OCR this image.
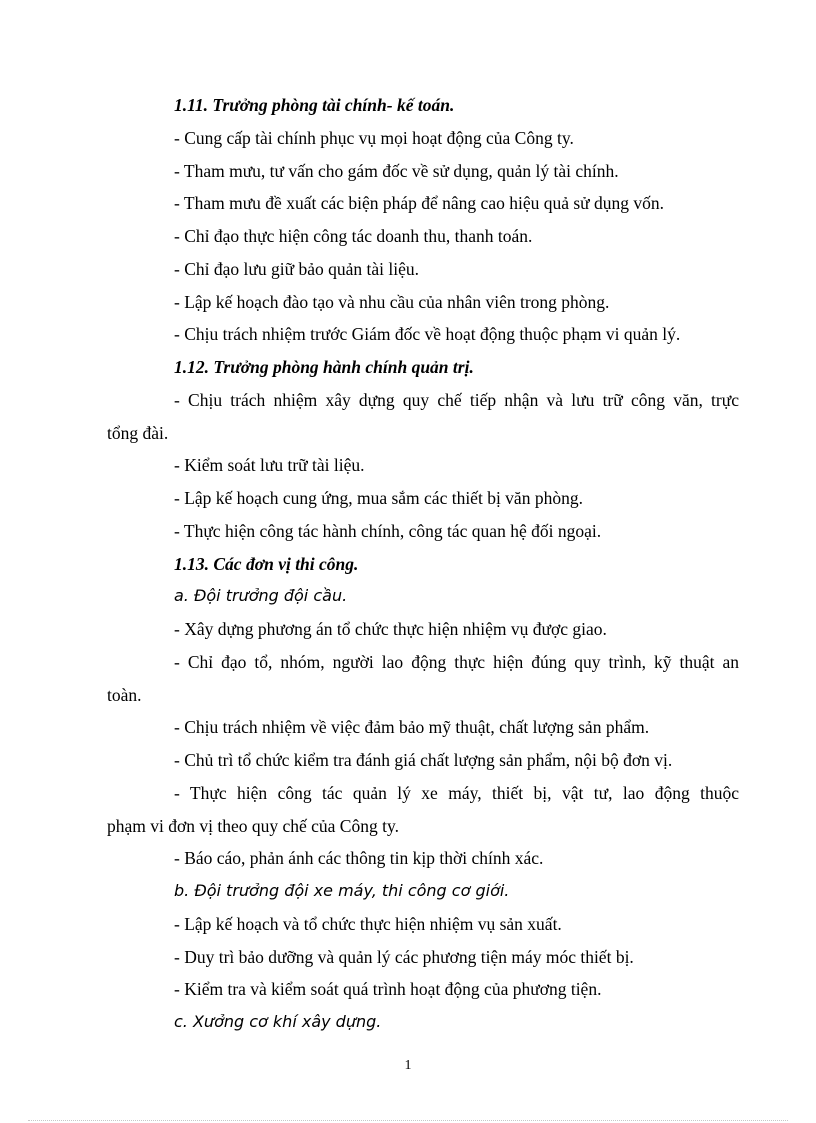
1.11. Trưởng phòng tài chính- kế toán.
- Cung cấp tài chính phục vụ mọi hoạt động của Công ty.
- Tham mưu, tư vấn cho gám đốc về sử dụng, quản lý tài chính.
- Tham mưu đề xuất các biện pháp để nâng cao hiệu quả sử dụng vốn.
- Chỉ đạo thực hiện công tác doanh thu, thanh toán.
- Chỉ đạo lưu giữ bảo quản tài liệu.
- Lập kế hoạch đào tạo và nhu cầu của nhân viên trong phòng.
- Chịu trách nhiệm trước Giám đốc về hoạt động thuộc phạm vi quản lý.
1.12. Trưởng phòng hành chính quản trị.
- Chịu trách nhiệm xây dựng quy chế tiếp nhận và lưu trữ công văn, trực
tổng đài.
- Kiểm soát lưu trữ tài liệu.
- Lập kế hoạch cung ứng, mua sắm các thiết bị văn phòng.
- Thực hiện công tác hành chính, công tác quan hệ đối ngoại.
1.13. Các đơn vị thi công.
a. Đội trưởng đội cầu.
- Xây dựng phương án tổ chức thực hiện nhiệm vụ được giao.
- Chỉ đạo tổ, nhóm, người lao động thực hiện đúng quy trình, kỹ thuật an
toàn.
- Chịu trách nhiệm về việc đảm bảo mỹ thuật, chất lượng sản phẩm.
- Chủ trì tổ chức kiểm tra đánh giá chất lượng sản phẩm, nội bộ đơn vị.
- Thực hiện công tác quản lý xe máy, thiết bị, vật tư, lao động thuộc
phạm vi đơn vị theo quy chế của Công ty.
- Báo cáo, phản ánh các thông tin kịp thời chính xác.
b. Đội trưởng đội xe máy, thi công cơ giới.
- Lập kế hoạch và tổ chức thực hiện nhiệm vụ sản xuất.
- Duy trì bảo dưỡng và quản lý các phương tiện máy móc thiết bị.
- Kiểm tra và kiểm soát quá trình hoạt động của phương tiện.
c. Xưởng cơ khí xây dựng.
1
